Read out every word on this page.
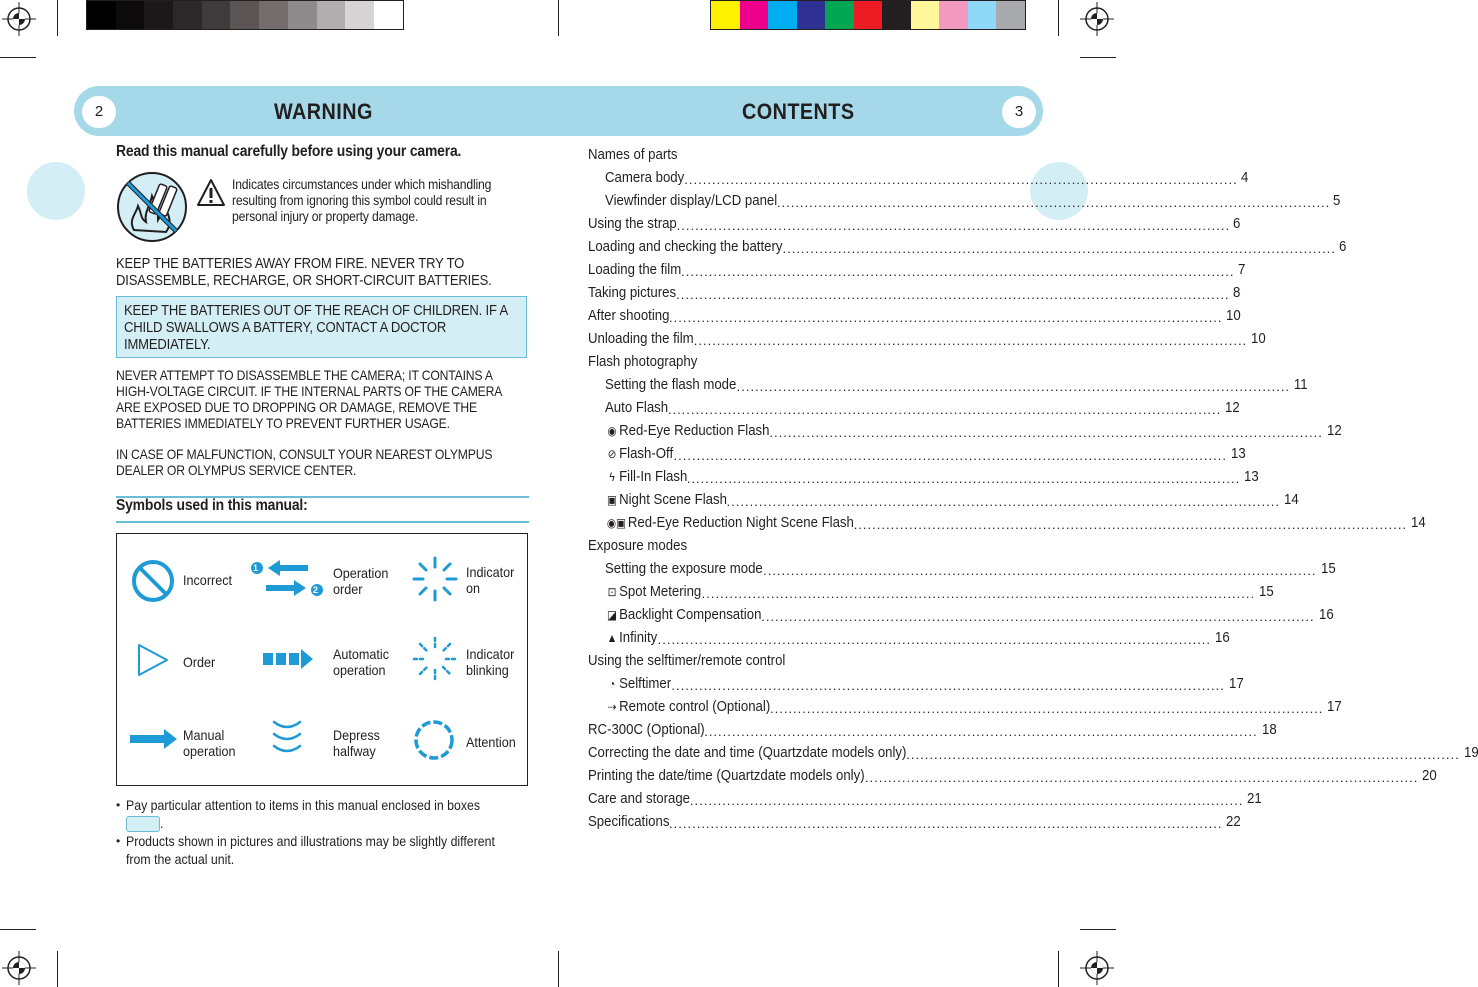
2	3
WARNING	CONTENTS
Read this manual carefully before using your camera.
Indicates circumstances under which mishandling
resulting from ignoring this symbol could result in
personal injury or property damage.
KEEP THE BATTERIES AWAY FROM FIRE. NEVER TRY TO
DISASSEMBLE, RECHARGE, OR SHORT-CIRCUIT BATTERIES.
KEEP THE BATTERIES OUT OF THE REACH OF CHILDREN. IF A
CHILD SWALLOWS A BATTERY, CONTACT A DOCTOR
IMMEDIATELY.
NEVER ATTEMPT TO DISASSEMBLE THE CAMERA; IT CONTAINS A
HIGH-VOLTAGE CIRCUIT. IF THE INTERNAL PARTS OF THE CAMERA
ARE EXPOSED DUE TO DROPPING OR DAMAGE, REMOVE THE
BATTERIES IMMEDIATELY TO PREVENT FURTHER USAGE.
IN CASE OF MALFUNCTION, CONSULT YOUR NEAREST OLYMPUS
DEALER OR OLYMPUS SERVICE CENTER.
Symbols used in this manual:
Incorrect
1
2
Operation
order
Indicator
on
Order	Automatic
operation
Indicator
blinking
Manual
operation
Depress
halfway
Attention
• Pay particular attention to items in this manual enclosed in boxes
.
• Products shown in pictures and illustrations may be slightly different
from the actual unit.
Names of parts
Camera body ........................................................................................................................ 4
Viewfinder display/LCD panel ........................................................................................................................ 5
Using the strap ........................................................................................................................ 6
Loading and checking the battery ........................................................................................................................ 6
Loading the film ........................................................................................................................ 7
Taking pictures ........................................................................................................................ 8
After shooting ........................................................................................................................ 10
Unloading the film ........................................................................................................................ 10
Flash photography
Setting the flash mode ........................................................................................................................ 11
Auto Flash ........................................................................................................................ 12
◉ Red-Eye Reduction Flash ........................................................................................................................ 12
⊘ Flash-Off ........................................................................................................................ 13
ϟ Fill-In Flash ........................................................................................................................ 13
▣ Night Scene Flash ........................................................................................................................ 14
◉▣ Red-Eye Reduction Night Scene Flash ........................................................................................................................ 14
Exposure modes
Setting the exposure mode ........................................................................................................................ 15
⊡ Spot Metering ........................................................................................................................ 15
◪ Backlight Compensation ........................................................................................................................ 16
▲ Infinity ........................................................................................................................ 16
Using the selftimer/remote control
◔ Selftimer ........................................................................................................................ 17
⇢ Remote control (Optional) ........................................................................................................................ 17
RC-300C (Optional) ........................................................................................................................ 18
Correcting the date and time (Quartzdate models only) ........................................................................................................................ 19
Printing the date/time (Quartzdate models only) ........................................................................................................................ 20
Care and storage ........................................................................................................................ 21
Specifications ........................................................................................................................ 22
